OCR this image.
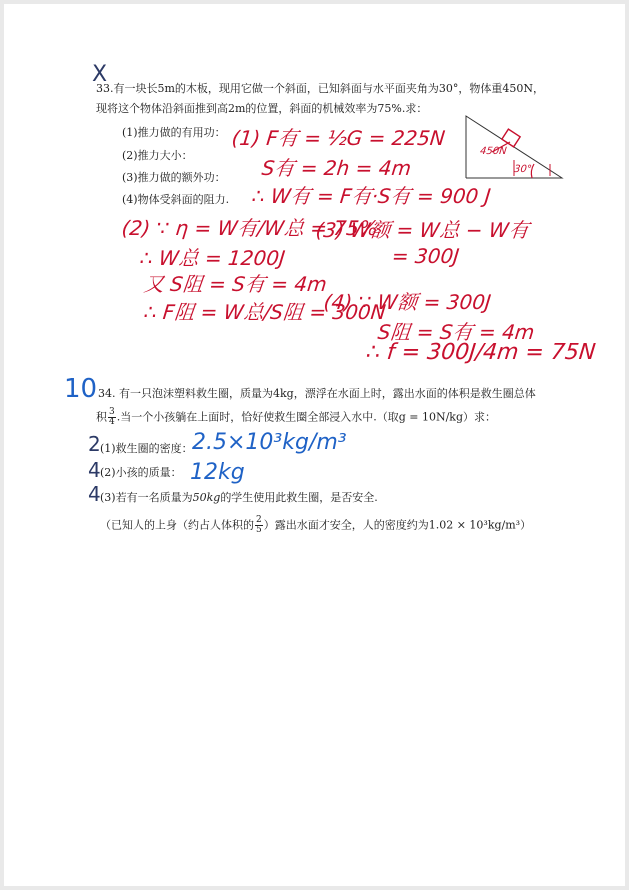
33.有一块长5m的木板，现用它做一个斜面，已知斜面与水平面夹角为30°，物体重450N，
现将这个物体沿斜面推到高2m的位置，斜面的机械效率为75%.求：
(1)推力做的有用功：
(2)推力大小：
(3)推力做的额外功：
(4)物体受斜面的阻力.
X
450N
30°
(1) F有 = ½G = 225N
S有 = 2h = 4m
∴ W有 = F有·S有 = 900 J
(2) ∵ η = W有/W总 = 75%
∴ W总 = 1200J
又 S阻 = S有 = 4m
∴ F阻 = W总/S阻 = 300N
(3) W额 = W总 − W有
= 300J
(4) ∵ W额 = 300J
S阻 = S有 = 4m
∴ f = 300J/4m = 75N
10 34. 有一只泡沫塑料救生圈，质量为4kg，漂浮在水面上时，露出水面的体积是救生圈总体
积 $\frac{3}{4}$ .当一个小孩躺在上面时，恰好使救生圈全部浸入水中.（取g = 10N/kg）求：
2 (1)救生圈的密度： 2.5×10³kg/m³
4 (2)小孩的质量： 12kg
4 (3)若有一名质量为50kg的学生使用此救生圈，是否安全.
（已知人的上身（约占人体积的 $\frac{2}{5}$ ）露出水面才安全，人的密度约为1.02 × 10³kg/m³）
